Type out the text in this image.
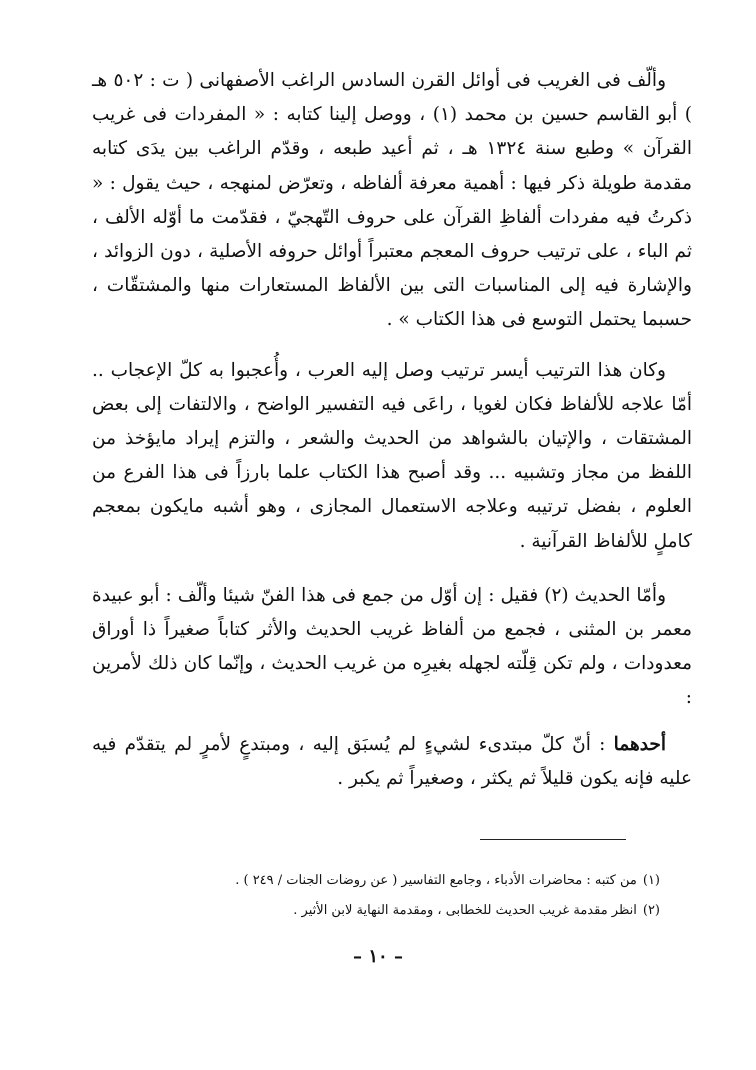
وألّف فى الغريب فى أوائل القرن السادس الراغب الأصفهانى ( ت : ٥٠٢ هـ ) أبو القاسم حسين بن محمد (١) ، ووصل إلينا كتابه : « المفردات فى غريب القرآن » وطبع سنة ١٣٢٤ هـ ، ثم أعيد طبعه ، وقدّم الراغب بين يدَى كتابه مقدمة طويلة ذكر فيها : أهمية معرفة ألفاظه ، وتعرّض لمنهجه ، حيث يقول : « ذكرتُ فيه مفردات ألفاظِ القرآن على حروف التّهجيّ ، فقدّمت ما أوّله الألف ، ثم الباء ، على ترتيب حروف المعجم معتبراً أوائل حروفه الأصلية ، دون الزوائد ، والإشارة فيه إلى المناسبات التى بين الألفاظ المستعارات منها والمشتقّات ، حسبما يحتمل التوسع فى هذا الكتاب » .

وكان هذا الترتيب أيسر ترتيب وصل إليه العرب ، وأُعجبوا به كلّ الإعجاب .. أمّا علاجه للألفاظ فكان لغويا ، راعَى فيه التفسير الواضح ، والالتفات إلى بعض المشتقات ، والإتيان بالشواهد من الحديث والشعر ، والتزم إيراد مايؤخذ من اللفظ من مجاز وتشبيه ... وقد أصبح هذا الكتاب علما بارزاً فى هذا الفرع من العلوم ، بفضل ترتيبه وعلاجه الاستعمال المجازى ، وهو أشبه مايكون بمعجم كاملٍ للألفاظ القرآنية .

وأمّا الحديث (٢) فقيل : إن أوّل من جمع فى هذا الفنّ شيئا وألّف : أبو عبيدة معمر بن المثنى ، فجمع من ألفاظ غريب الحديث والأثر كتاباً صغيراً ذا أوراق معدودات ، ولم تكن قِلّته لجهله بغيرِه من غريب الحديث ، وإنّما كان ذلك لأمرين :

أحدهما : أنّ كلّ مبتدىء لشيءٍ لم يُسبَق إليه ، ومبتدعٍ لأمرٍ لم يتقدّم فيه عليه فإنه يكون قليلاً ثم يكثر ، وصغيراً ثم يكبر .

(١)من كتبه : محاضرات الأدباء ، وجامع التفاسير ( عن روضات الجنات / ٢٤٩ ) .

(٢)انظر مقدمة غريب الحديث للخطابى ، ومقدمة النهاية لابن الأثير .

– ١٠ –
